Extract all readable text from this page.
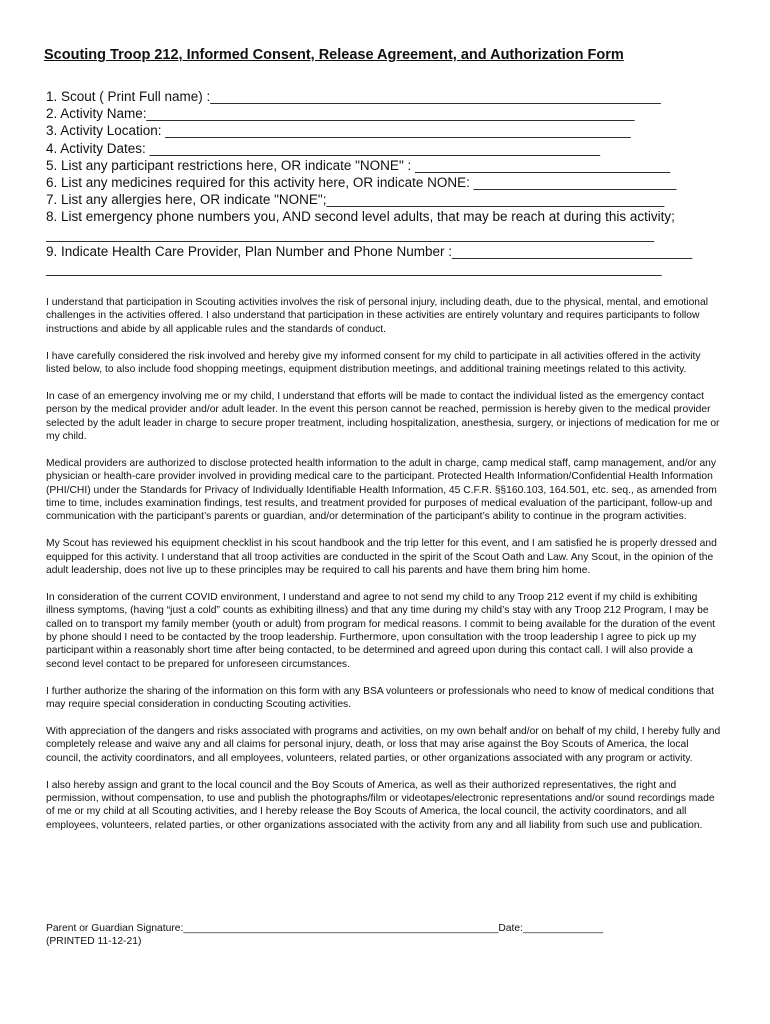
Scouting Troop 212, Informed Consent, Release Agreement, and Authorization Form
1. Scout ( Print Full name) :____________________________________________________________
2. Activity Name:_________________________________________________________________
3. Activity Location: ______________________________________________________________
4. Activity Dates: ____________________________________________________________
5. List any participant restrictions here, OR indicate "NONE" : __________________________________
6. List any medicines required for this activity here, OR indicate NONE: ___________________________
7. List any allergies here, OR indicate "NONE";_____________________________________________
8. List emergency phone numbers you, AND second level adults, that may be reach at during this activity;
_________________________________________________________________________________
9. Indicate Health Care Provider, Plan Number and Phone Number :________________________________
__________________________________________________________________________________

I understand that participation in Scouting activities involves the risk of personal injury, including death, due to the physical, mental, and emotional challenges in the activities offered. I also understand that participation in these activities are entirely voluntary and requires participants to follow instructions and abide by all applicable rules and the standards of conduct.

I have carefully considered the risk involved and hereby give my informed consent for my child to participate in all activities offered in the activity listed below, to also include food shopping meetings, equipment distribution meetings, and additional training meetings related to this activity.

In case of an emergency involving me or my child, I understand that efforts will be made to contact the individual listed as the emergency contact person by the medical provider and/or adult leader. In the event this person cannot be reached, permission is hereby given to the medical provider selected by the adult leader in charge to secure proper treatment, including hospitalization, anesthesia, surgery, or injections of medication for me or my child.

Medical providers are authorized to disclose protected health information to the adult in charge, camp medical staff, camp management, and/or any physician or health-care provider involved in providing medical care to the participant. Protected Health Information/Confidential Health Information (PHI/CHI) under the Standards for Privacy of Individually Identifiable Health Information, 45 C.F.R. §§160.103, 164.501, etc. seq., as amended from time to time, includes examination findings, test results, and treatment provided for purposes of medical evaluation of the participant, follow-up and communication with the participant’s parents or guardian, and/or determination of the participant’s ability to continue in the program activities.

My Scout has reviewed his equipment checklist in his scout handbook and the trip letter for this event, and I am satisfied he is properly dressed and equipped for this activity. I understand that all troop activities are conducted in the spirit of the Scout Oath and Law. Any Scout, in the opinion of the adult leadership, does not live up to these principles may be required to call his parents and have them bring him home.

In consideration of the current COVID environment, I understand and agree to not send my child to any Troop 212 event if my child is exhibiting illness symptoms, (having “just a cold” counts as exhibiting illness) and that any time during my child’s stay with any Troop 212 Program, I may be called on to transport my family member (youth or adult) from program for medical reasons. I commit to being available for the duration of the event by phone should I need to be contacted by the troop leadership. Furthermore, upon consultation with the troop leadership I agree to pick up my participant within a reasonably short time after being contacted, to be determined and agreed upon during this contact call. I will also provide a second level contact to be prepared for unforeseen circumstances.

I further authorize the sharing of the information on this form with any BSA volunteers or professionals who need to know of medical conditions that may require special consideration in conducting Scouting activities.

With appreciation of the dangers and risks associated with programs and activities, on my own behalf and/or on behalf of my child, I hereby fully and completely release and waive any and all claims for personal injury, death, or loss that may arise against the Boy Scouts of America, the local council, the activity coordinators, and all employees, volunteers, related parties, or other organizations associated with any program or activity.

I also hereby assign and grant to the local council and the Boy Scouts of America, as well as their authorized representatives, the right and permission, without compensation, to use and publish the photographs/film or videotapes/electronic representations and/or sound recordings made of me or my child at all Scouting activities, and I hereby release the Boy Scouts of America, the local council, the activity coordinators, and all employees, volunteers, related parties, or other organizations associated with the activity from any and all liability from such use and publication.

Parent or Guardian Signature:_______________________________________________________Date:______________
(PRINTED 11-12-21)
